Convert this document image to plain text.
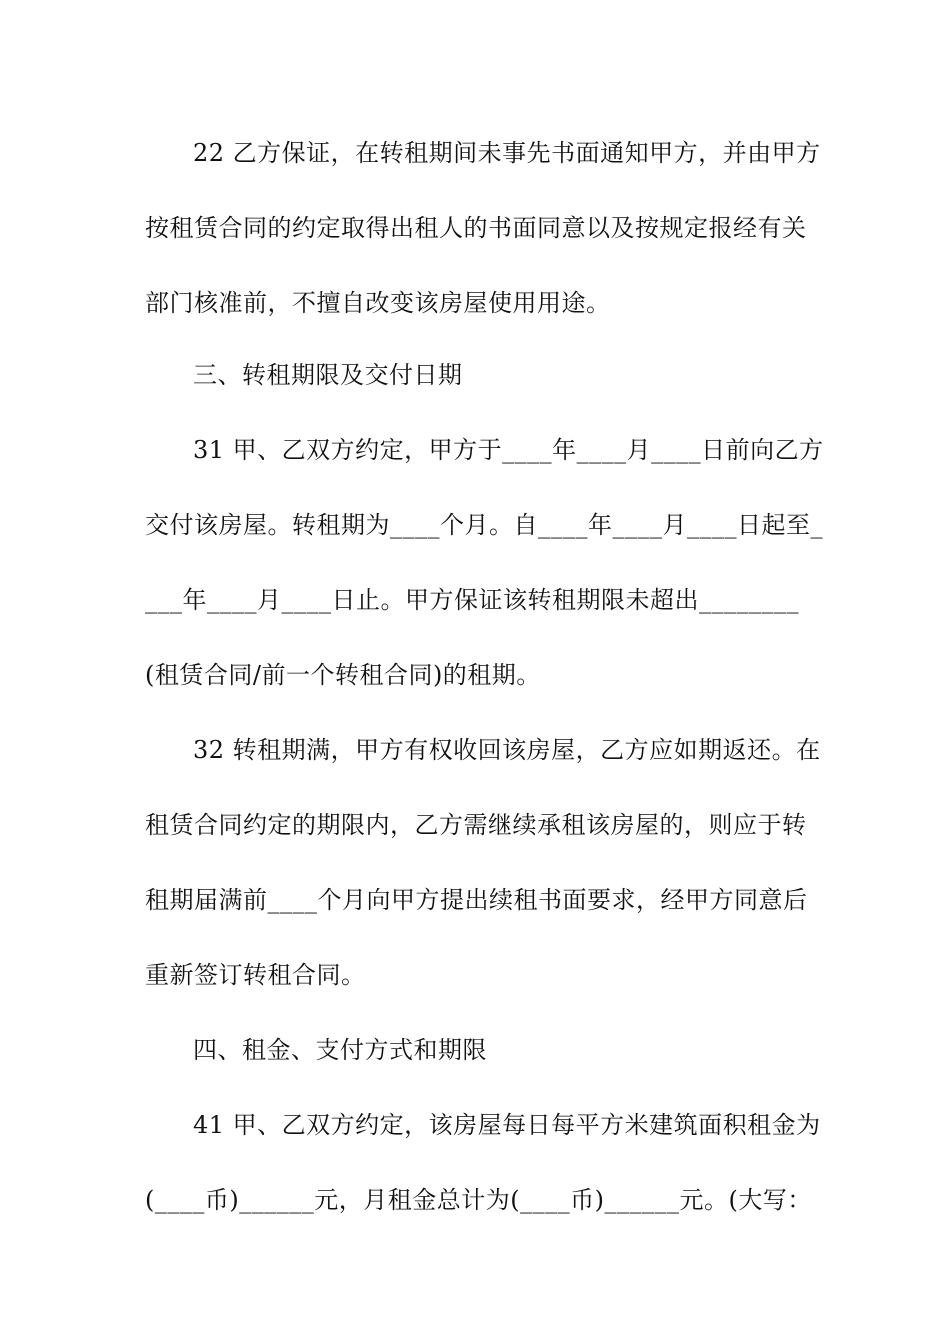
22 乙方保证，在转租期间未事先书面通知甲方，并由甲方
按租赁合同的约定取得出租人的书面同意以及按规定报经有关
部门核准前，不擅自改变该房屋使用用途。
三、转租期限及交付日期
31 甲、乙双方约定，甲方于____年____月____日前向乙方
交付该房屋。转租期为____个月。自____年____月____日起至_
___年____月____日止。甲方保证该转租期限未超出________
(租赁合同/前一个转租合同)的租期。
32 转租期满，甲方有权收回该房屋，乙方应如期返还。在
租赁合同约定的期限内，乙方需继续承租该房屋的，则应于转
租期届满前____个月向甲方提出续租书面要求，经甲方同意后
重新签订转租合同。
四、租金、支付方式和期限
41 甲、乙双方约定，该房屋每日每平方米建筑面积租金为
(____币)______元，月租金总计为(____币)______元。(大写：
